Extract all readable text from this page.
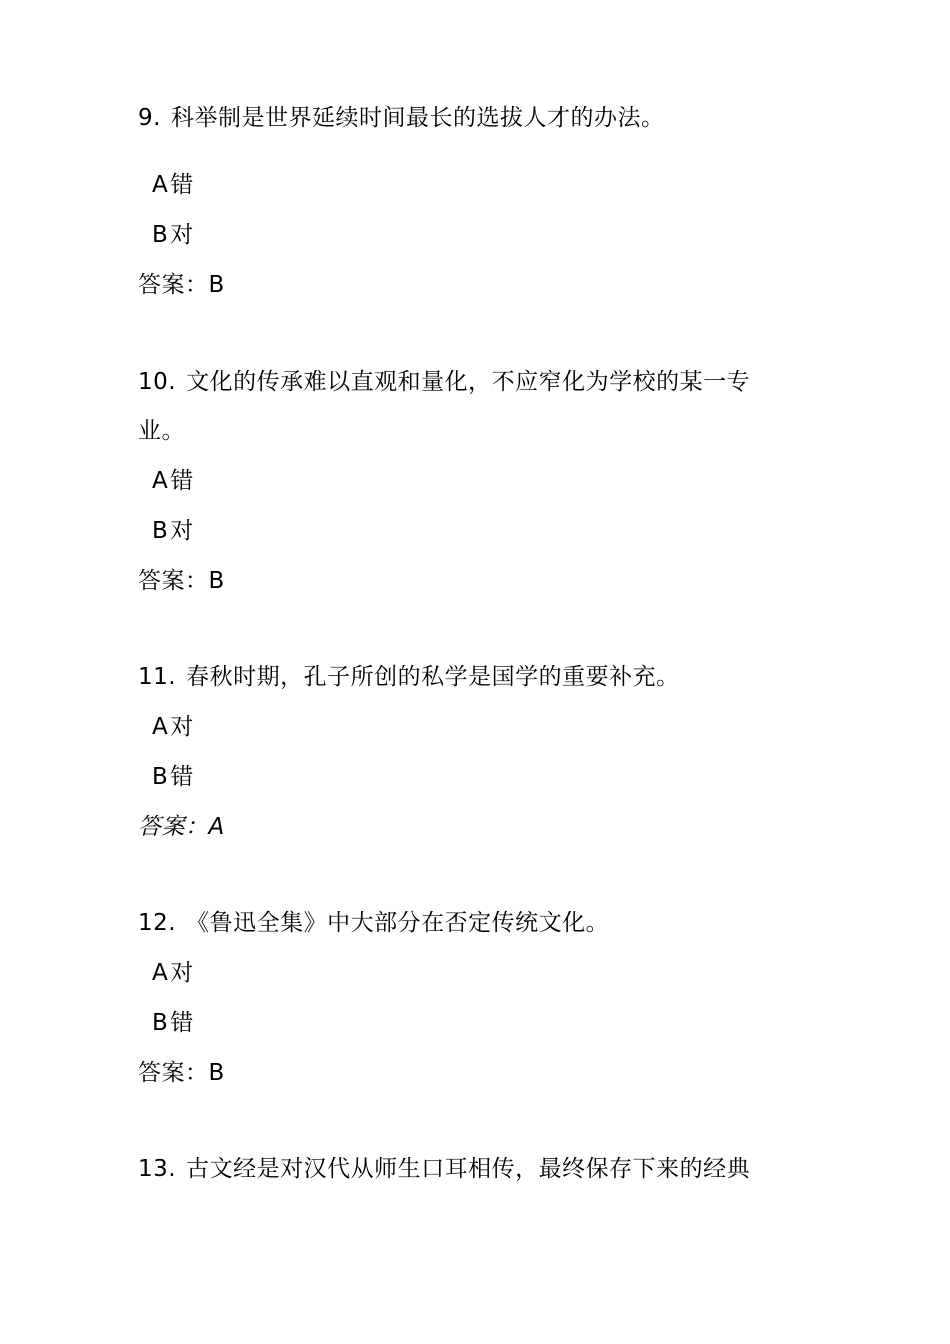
9. 科举制是世界延续时间最长的选拔人才的办法。
A错
B对
答案：B
10. 文化的传承难以直观和量化，不应窄化为学校的某一专
业。
A错
B对
答案：B
11. 春秋时期，孔子所创的私学是国学的重要补充。
A对
B错
答案：A
12. 《鲁迅全集》中大部分在否定传统文化。
A对
B错
答案：B
13. 古文经是对汉代从师生口耳相传，最终保存下来的经典
